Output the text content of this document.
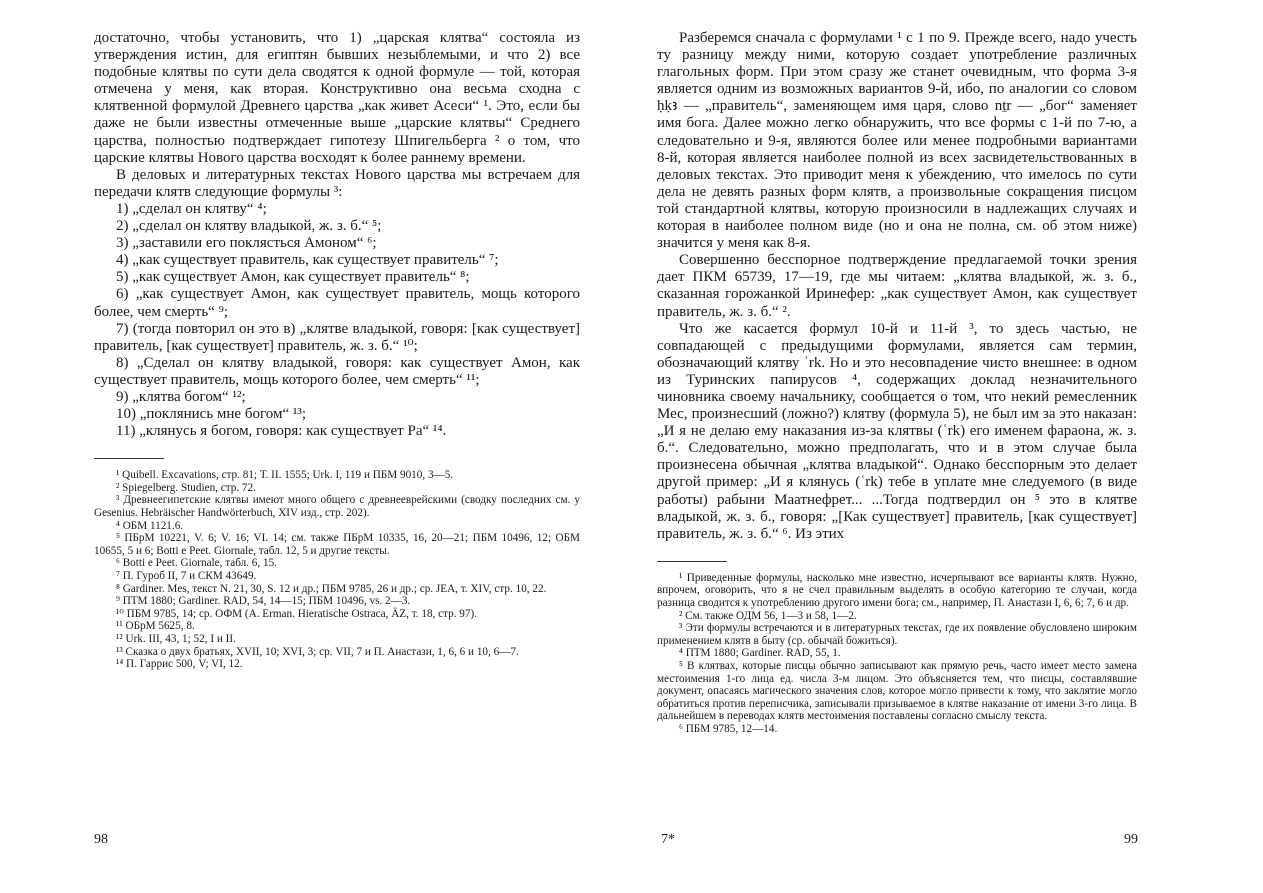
достаточно, чтобы установить, что 1) „царская клятва“ состояла из утверждения истин, для египтян бывших незыблемыми, и что 2) все подобные клятвы по сути дела сводятся к одной формуле — той, которая отмечена у меня, как вторая. Конструктивно она весьма сходна с клятвенной формулой Древнего царства „как живет Асеси“ ¹. Это, если бы даже не были известны отмеченные выше „царские клятвы“ Среднего царства, полностью подтверждает гипотезу Шпигельберга ² о том, что царские клятвы Нового царства восходят к более раннему времени.

В деловых и литературных текстах Нового царства мы встречаем для передачи клятв следующие формулы ³:

1) „сделал он клятву“ ⁴;
2) „сделал он клятву владыкой, ж. з. б.“ ⁵;
3) „заставили его поклясться Амоном“ ⁶;
4) „как существует правитель, как существует правитель“ ⁷;
5) „как существует Амон, как существует правитель“ ⁸;
6) „как существует Амон, как существует правитель, мощь которого более, чем смерть“ ⁹;
7) (тогда повторил он это в) „клятве владыкой, говоря: [как существует] правитель, [как существует] правитель, ж. з. б.“ ¹⁰;
8) „Сделал он клятву владыкой, говоря: как существует Амон, как существует правитель, мощь которого более, чем смерть“ ¹¹;
9) „клятва богом“ ¹²;
10) „поклянись мне богом“ ¹³;
11) „клянусь я богом, говоря: как существует Ра“ ¹⁴.
¹ Quibell. Excavations, стр. 81; Т. II. 1555; Urk. I, 119 и ПБМ 9010, 3—5.
² Spiegelberg. Studien, стр. 72.
³ Древнеегипетские клятвы имеют много общего с древнееврейскими (сводку последних см. у Gesenius. Hebräischer Handwörterbuch, XIV изд., стр. 202).
⁴ ОБМ 1121.6.
⁵ ПБрМ 10221, V. 6; V. 16; VI. 14; см. также ПБрМ 10335, 16, 20—21; ПБМ 10496, 12; ОБМ 10655, 5 и 6; Botti e Peet. Giornale, табл. 12, 5 и другие тексты.
⁶ Botti e Peet. Giornale, табл. 6, 15.
⁷ П. Гуроб II, 7 и СКМ 43649.
⁸ Gardiner. Mes, текст N. 21, 30, S. 12 и др.; ПБМ 9785, 26 и др.; ср. JEA, т. XIV, стр. 10, 22.
⁹ ПТМ 1880; Gardiner. RAD, 54, 14—15; ПБМ 10496, vs. 2—3.
¹⁰ ПБМ 9785, 14; ср. ОФМ (A. Erman. Hieratische Ostraca, ÄZ, т. 18, стр. 97).
¹¹ ОБрМ 5625, 8.
¹² Urk. III, 43, 1; 52, I и II.
¹³ Сказка о двух братьях, XVII, 10; XVI, 3; ср. VII, 7 и П. Анастази, 1, 6, 6 и 10, 6—7.
¹⁴ П. Гаррис 500, V; VI, 12.
98

Разберемся сначала с формулами ¹ с 1 по 9. Прежде всего, надо учесть ту разницу между ними, которую создает употребление различных глагольных форм. При этом сразу же станет очевидным, что форма 3-я является одним из возможных вариантов 9-й, ибо, по аналогии со словом ḥḳꜣ — „правитель“, заменяющем имя царя, слово nṯr — „бог“ заменяет имя бога. Далее можно легко обнаружить, что все формы с 1-й по 7-ю, а следовательно и 9-я, являются более или менее подробными вариантами 8-й, которая является наиболее полной из всех засвидетельствованных в деловых текстах. Это приводит меня к убеждению, что имелось по сути дела не девять разных форм клятв, а произвольные сокращения писцом той стандартной клятвы, которую произносили в надлежащих случаях и которая в наиболее полном виде (но и она не полна, см. об этом ниже) значится у меня как 8-я.

Совершенно бесспорное подтверждение предлагаемой точки зрения дает ПКМ 65739, 17—19, где мы читаем: „клятва владыкой, ж. з. б., сказанная горожанкой Иринефер: „как существует Амон, как существует правитель, ж. з. б.“ ².

Что же касается формул 10-й и 11-й ³, то здесь частью, не совпадающей с предыдущими формулами, является сам термин, обозначающий клятву ʿrk. Но и это несовпадение чисто внешнее: в одном из Туринских папирусов ⁴, содержащих доклад незначительного чиновника своему начальнику, сообщается о том, что некий ремесленник Мес, произнесший (ложно?) клятву (формула 5), не был им за это наказан: „И я не делаю ему наказания из-за клятвы (ʿrk) его именем фараона, ж. з. б.“. Следовательно, можно предполагать, что и в этом случае была произнесена обычная „клятва владыкой“. Однако бесспорным это делает другой пример: „И я клянусь (ʿrk) тебе в уплате мне следуемого (в виде работы) рабыни Маатнефрет... ...Тогда подтвердил он ⁵ это в клятве владыкой, ж. з. б., говоря: „[Как существует] правитель, [как существует] правитель, ж. з. б.“ ⁶. Из этих

¹ Приведенные формулы, насколько мне известно, исчерпывают все варианты клятв. Нужно, впрочем, оговорить, что я не счел правильным выделять в особую категорию те случаи, когда разница сводится к употреблению другого имени бога; см., например, П. Анастази I, 6, 6; 7, 6 и др.
² См. также ОДМ 56, 1—3 и 58, 1—2.
³ Эти формулы встречаются и в литературных текстах, где их появление обусловлено широким применением клятв в быту (ср. обычай божиться).
⁴ ПТМ 1880; Gardiner. RAD, 55, 1.
⁵ В клятвах, которые писцы обычно записывают как прямую речь, часто имеет место замена местоимения 1-го лица ед. числа 3-м лицом. Это объясняется тем, что писцы, составлявшие документ, опасаясь магического значения слов, которое могло привести к тому, что заклятие могло обратиться против переписчика, записывали призываемое в клятве наказание от имени 3-го лица. В дальнейшем в переводах клятв местоимения поставлены согласно смыслу текста.
⁶ ПБМ 9785, 12—14.
7*	99
